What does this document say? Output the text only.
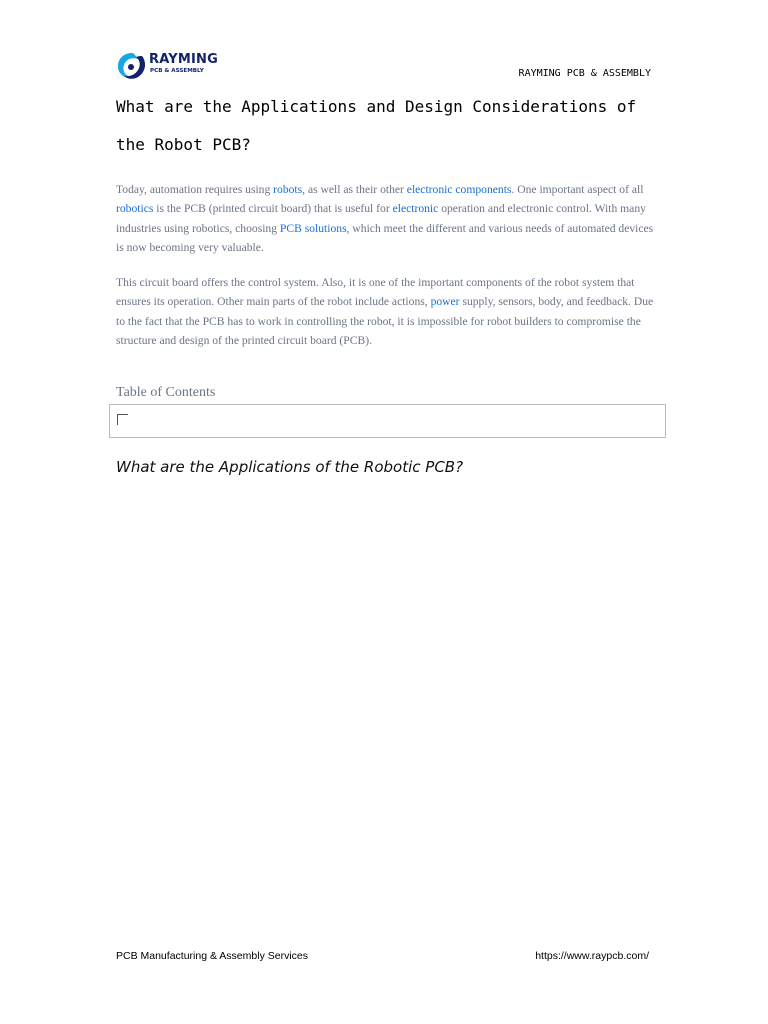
RAYMING
PCB & ASSEMBLY	RAYMING PCB & ASSEMBLY
What are the Applications and Design Considerations of the Robot PCB?

Today, automation requires using robots, as well as their other electronic components. One important aspect of all robotics is the PCB (printed circuit board) that is useful for electronic operation and electronic control. With many industries using robotics, choosing PCB solutions, which meet the different and various needs of automated devices is now becoming very valuable.

This circuit board offers the control system. Also, it is one of the important components of the robot system that ensures its operation. Other main parts of the robot include actions, power supply, sensors, body, and feedback. Due to the fact that the PCB has to work in controlling the robot, it is impossible for robot builders to compromise the structure and design of the printed circuit board (PCB).

Table of Contents
What are the Applications of the Robotic PCB?
PCB Manufacturing & Assembly Services	https://www.raypcb.com/
